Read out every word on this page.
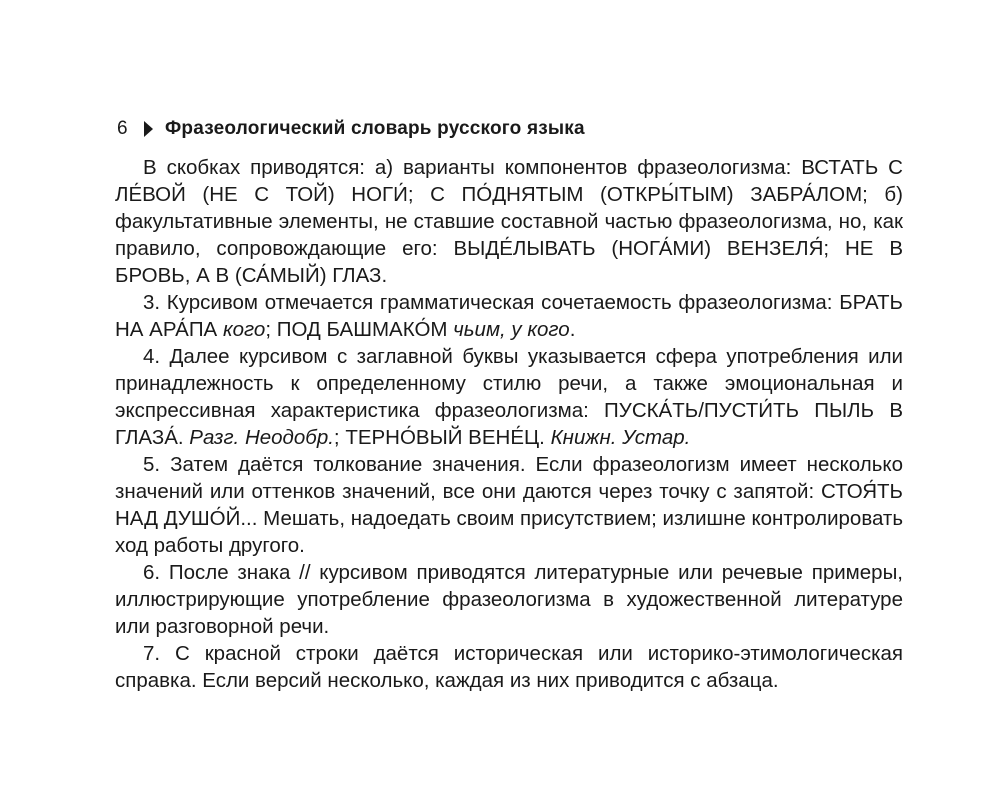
6	Фразеологический словарь русского языка

В скобках приводятся: а) варианты компонентов фразеологизма: ВСТАТЬ С ЛЕ́ВОЙ (НЕ С ТОЙ) НОГИ́; С ПО́ДНЯТЫМ (ОТКРЫ́ТЫМ) ЗАБРА́ЛОМ; б) факультативные элементы, не ставшие составной частью фразеологизма, но, как правило, сопровождающие его: ВЫДЕ́ЛЫВАТЬ (НОГА́МИ) ВЕНЗЕЛЯ́; НЕ В БРОВЬ, А В (СА́МЫЙ) ГЛАЗ.

3. Курсивом отмечается грамматическая сочетаемость фразеологизма: БРАТЬ НА АРА́ПА кого; ПОД БАШМАКО́М чьим, у кого.

4. Далее курсивом с заглавной буквы указывается сфера употребления или принадлежность к определенному стилю речи, а также эмоциональная и экспрессивная характеристика фразеологизма: ПУСКА́ТЬ/ПУСТИ́ТЬ ПЫЛЬ В ГЛАЗА́. Разг. Неодобр.; ТЕРНО́ВЫЙ ВЕНЕ́Ц. Книжн. Устар.

5. Затем даётся толкование значения. Если фразеологизм имеет несколько значений или оттенков значений, все они даются через точку с запятой: СТОЯ́ТЬ НАД ДУШО́Й... Мешать, надоедать своим присутствием; излишне контролировать ход работы другого.

6. После знака // курсивом приводятся литературные или речевые примеры, иллюстрирующие употребление фразеологизма в художественной литературе или разговорной речи.

7. С красной строки даётся историческая или историко-этимологическая справка. Если версий несколько, каждая из них приводится с абзаца.
